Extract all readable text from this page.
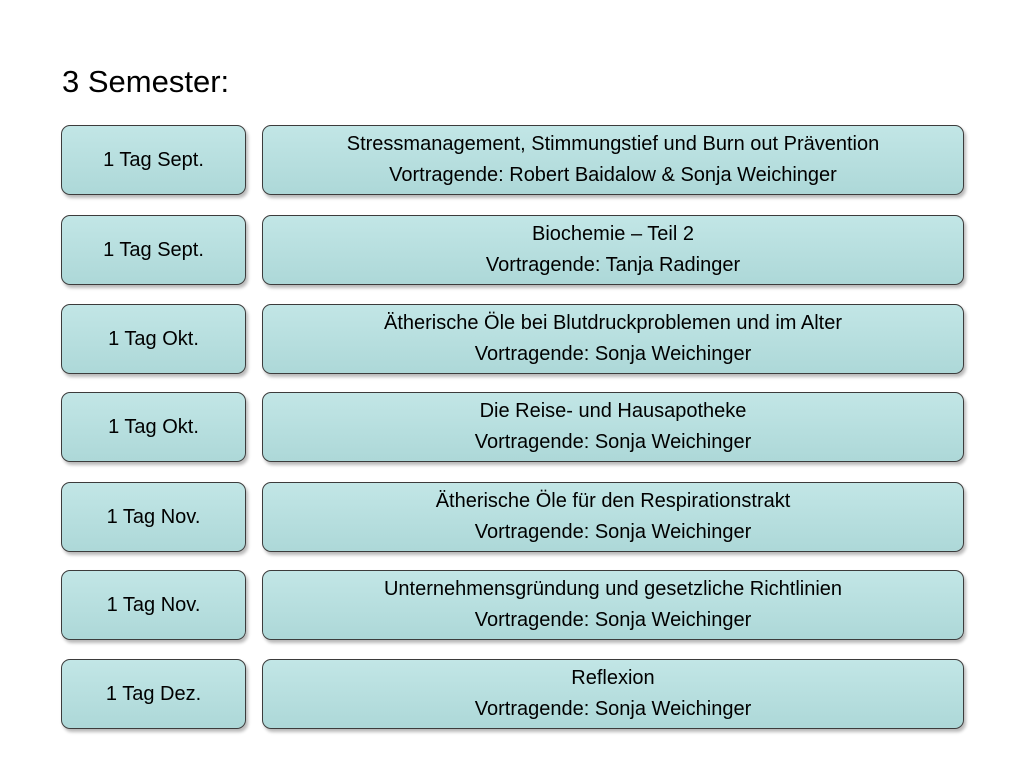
3 Semester:
1 Tag Sept.
Stressmanagement, Stimmungstief und Burn out Prävention
Vortragende: Robert Baidalow & Sonja Weichinger
1 Tag Sept.
Biochemie – Teil 2
Vortragende: Tanja Radinger
1 Tag Okt.
Ätherische Öle bei Blutdruckproblemen und im Alter
Vortragende: Sonja Weichinger
1 Tag Okt.
Die Reise- und Hausapotheke
Vortragende: Sonja Weichinger
1 Tag Nov.
Ätherische Öle für den Respirationstrakt
Vortragende: Sonja Weichinger
1 Tag Nov.
Unternehmensgründung und gesetzliche Richtlinien
Vortragende: Sonja Weichinger
1 Tag Dez.
Reflexion
Vortragende: Sonja Weichinger
